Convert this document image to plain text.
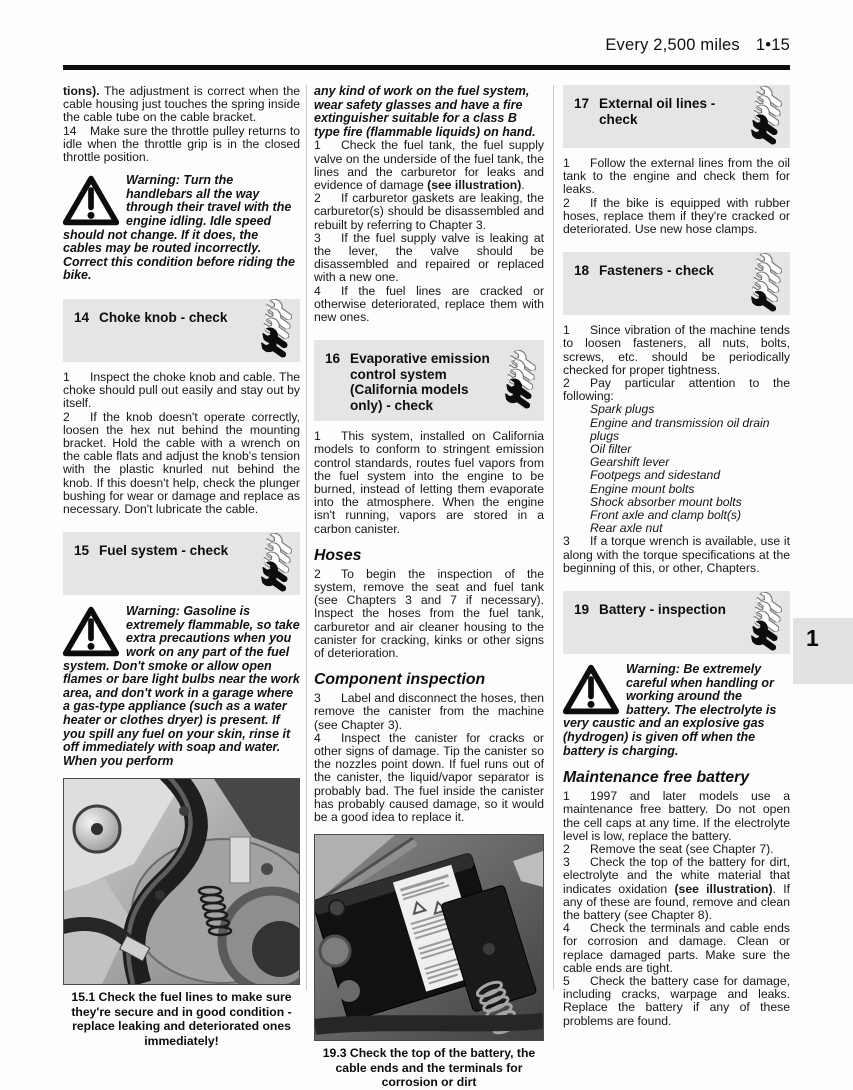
Every 2,500 miles 1•15

tions). The adjustment is correct when the cable housing just touches the spring inside the cable tube on the cable bracket.

14 Make sure the throttle pulley returns to idle when the throttle grip is in the closed throttle position.

Warning: Turn the handlebars all the way through their travel with the engine idling. Idle speed should not change. If it does, the cables may be routed incorrectly. Correct this condition before riding the bike.
14 Choke knob - check

1 Inspect the choke knob and cable. The choke should pull out easily and stay out by itself.

2 If the knob doesn't operate correctly, loosen the hex nut behind the mounting bracket. Hold the cable with a wrench on the cable flats and adjust the knob's tension with the plastic knurled nut behind the knob. If this doesn't help, check the plunger bushing for wear or damage and replace as necessary. Don't lubricate the cable.

15 Fuel system - check
Warning: Gasoline is extremely flammable, so take extra precautions when you work on any part of the fuel system. Don't smoke or allow open flames or bare light bulbs near the work area, and don't work in a garage where a gas-type appliance (such as a water heater or clothes dryer) is present. If you spill any fuel on your skin, rinse it off immediately with soap and water. When you perform

15.1 Check the fuel lines to make sure they're secure and in good condition - replace leaking and deteriorated ones immediately!

any kind of work on the fuel system, wear safety glasses and have a fire extinguisher suitable for a class B type fire (flammable liquids) on hand.

1 Check the fuel tank, the fuel supply valve on the underside of the fuel tank, the lines and the carburetor for leaks and evidence of damage (see illustration).

2 If carburetor gaskets are leaking, the carburetor(s) should be disassembled and rebuilt by referring to Chapter 3.

3 If the fuel supply valve is leaking at the lever, the valve should be disassembled and repaired or replaced with a new one.

4 If the fuel lines are cracked or otherwise deteriorated, replace them with new ones.

16 Evaporative emission control system (California models only) - check

1 This system, installed on California models to conform to stringent emission control standards, routes fuel vapors from the fuel system into the engine to be burned, instead of letting them evaporate into the atmosphere. When the engine isn't running, vapors are stored in a carbon canister.

Hoses

2 To begin the inspection of the system, remove the seat and fuel tank (see Chapters 3 and 7 if necessary). Inspect the hoses from the fuel tank, carburetor and air cleaner housing to the canister for cracking, kinks or other signs of deterioration.

Component inspection

3 Label and disconnect the hoses, then remove the canister from the machine (see Chapter 3).

4 Inspect the canister for cracks or other signs of damage. Tip the canister so the nozzles point down. If fuel runs out of the canister, the liquid/vapor separator is probably bad. The fuel inside the canister has probably caused damage, so it would be a good idea to replace it.

19.3 Check the top of the battery, the cable ends and the terminals for corrosion or dirt

17 External oil lines - check

1 Follow the external lines from the oil tank to the engine and check them for leaks.

2 If the bike is equipped with rubber hoses, replace them if they're cracked or deteriorated. Use new hose clamps.

18 Fasteners - check

1 Since vibration of the machine tends to loosen fasteners, all nuts, bolts, screws, etc. should be periodically checked for proper tightness.

2 Pay particular attention to the following:

Spark plugs
Engine and transmission oil drain plugs
Oil filter
Gearshift lever
Footpegs and sidestand
Engine mount bolts
Shock absorber mount bolts
Front axle and clamp bolt(s)
Rear axle nut

3 If a torque wrench is available, use it along with the torque specifications at the beginning of this, or other, Chapters.

19 Battery - inspection
Warning: Be extremely careful when handling or working around the battery. The electrolyte is very caustic and an explosive gas (hydrogen) is given off when the battery is charging.
Maintenance free battery

1 1997 and later models use a maintenance free battery. Do not open the cell caps at any time. If the electrolyte level is low, replace the battery.

2 Remove the seat (see Chapter 7).

3 Check the top of the battery for dirt, electrolyte and the white material that indicates oxidation (see illustration). If any of these are found, remove and clean the battery (see Chapter 8).

4 Check the terminals and cable ends for corrosion and damage. Clean or replace damaged parts. Make sure the cable ends are tight.

5 Check the battery case for damage, including cracks, warpage and leaks. Replace the battery if any of these problems are found.

1
